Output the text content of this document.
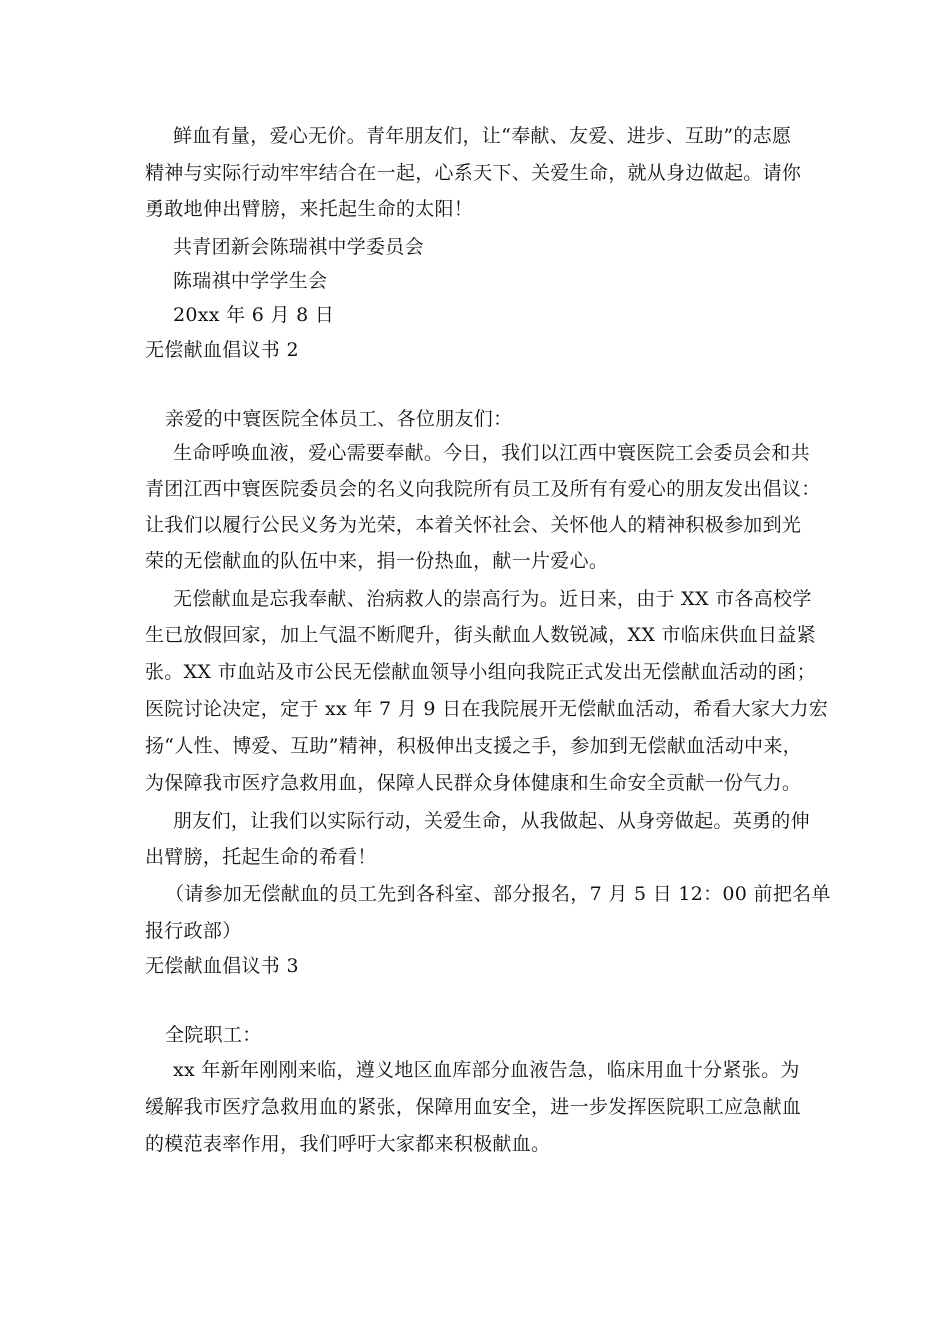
鲜血有量，爱心无价。青年朋友们，让“奉献、友爱、进步、互助”的志愿
精神与实际行动牢牢结合在一起，心系天下、关爱生命，就从身边做起。请你
勇敢地伸出臂膀，来托起生命的太阳！
共青团新会陈瑞祺中学委员会
陈瑞祺中学学生会
20xx 年 6 月 8 日
无偿献血倡议书 2
亲爱的中寰医院全体员工、各位朋友们：
生命呼唤血液，爱心需要奉献。今日，我们以江西中寰医院工会委员会和共
青团江西中寰医院委员会的名义向我院所有员工及所有有爱心的朋友发出倡议：
让我们以履行公民义务为光荣，本着关怀社会、关怀他人的精神积极参加到光
荣的无偿献血的队伍中来，捐一份热血，献一片爱心。
无偿献血是忘我奉献、治病救人的崇高行为。近日来，由于 XX 市各高校学
生已放假回家，加上气温不断爬升，街头献血人数锐减，XX 市临床供血日益紧
张。XX 市血站及市公民无偿献血领导小组向我院正式发出无偿献血活动的函；
医院讨论决定，定于 xx 年 7 月 9 日在我院展开无偿献血活动，希看大家大力宏
扬“人性、博爱、互助”精神，积极伸出支援之手，参加到无偿献血活动中来，
为保障我市医疗急救用血，保障人民群众身体健康和生命安全贡献一份气力。
朋友们，让我们以实际行动，关爱生命，从我做起、从身旁做起。英勇的伸
出臂膀，托起生命的希看！
（请参加无偿献血的员工先到各科室、部分报名，7 月 5 日 12：00 前把名单
报行政部）
无偿献血倡议书 3
全院职工：
xx 年新年刚刚来临，遵义地区血库部分血液告急，临床用血十分紧张。为
缓解我市医疗急救用血的紧张，保障用血安全，进一步发挥医院职工应急献血
的模范表率作用，我们呼吁大家都来积极献血。
